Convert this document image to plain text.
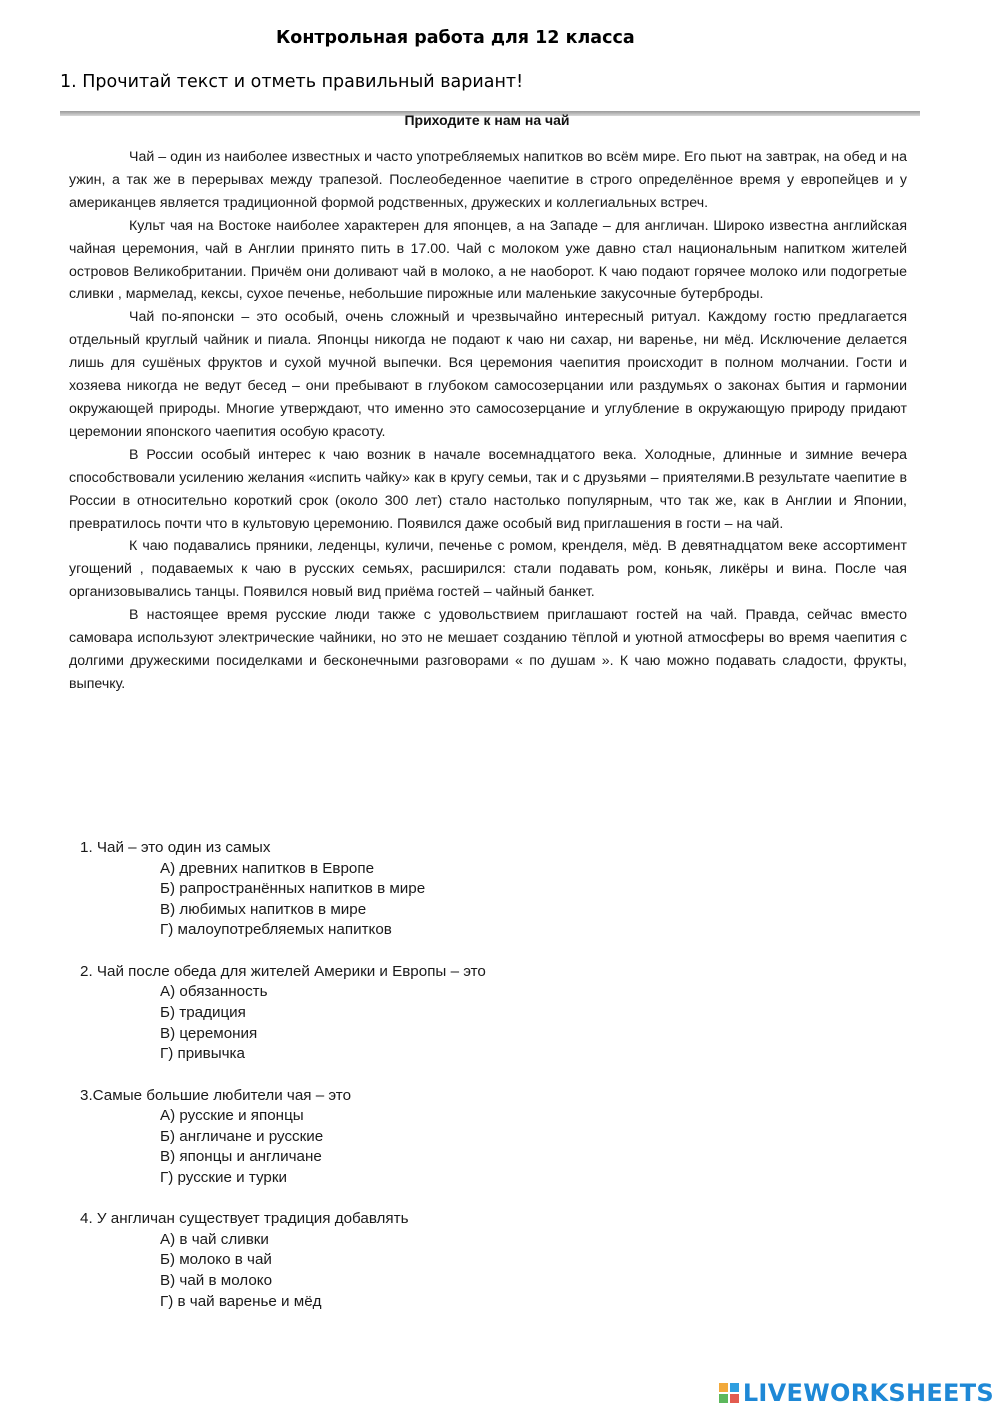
Контрольная работа для 12 класса
1. Прочитай текст и отметь правильный вариант!
Приходите к нам на чай

Чай – один из наиболее известных и часто употребляемых напитков во всём мире. Его пьют на завтрак, на обед и на ужин, а так же в перерывах между трапезой. Послеобеденное чаепитие в строго определённое время у европейцев и у американцев является традиционной формой родственных, дружеских и коллегиальных встреч.

Культ чая на Востоке наиболее характерен для японцев, а на Западе – для англичан. Широко известна английская чайная церемония, чай в Англии принято пить в 17.00. Чай с молоком уже давно стал национальным напитком жителей островов Великобритании. Причём они доливают чай в молоко, а не наоборот. К чаю подают горячее молоко или подогретые сливки , мармелад, кексы, сухое печенье, небольшие пирожные или маленькие закусочные бутерброды.

Чай по-японски – это особый, очень сложный и чрезвычайно интересный ритуал. Каждому гостю предлагается отдельный круглый чайник и пиала. Японцы никогда не подают к чаю ни сахар, ни варенье, ни мёд. Исключение делается лишь для сушёных фруктов и сухой мучной выпечки. Вся церемония чаепития происходит в полном молчании. Гости и хозяева никогда не ведут бесед – они пребывают в глубоком самосозерцании или раздумьях о законах бытия и гармонии окружающей природы. Многие утверждают, что именно это самосозерцание и углубление в окружающую природу придают церемонии японского чаепития особую красоту.

В России особый интерес к чаю возник в начале восемнадцатого века. Холодные, длинные и зимние вечера способствовали усилению желания «испить чайку» как в кругу семьи, так и с друзьями – приятелями.В результате чаепитие в России в относительно короткий срок (около 300 лет) стало настолько популярным, что так же, как в Англии и Японии, превратилось почти что в культовую церемонию. Появился даже особый вид приглашения в гости – на чай.

К чаю подавались пряники, леденцы, куличи, печенье с ромом, кренделя, мёд. В девятнадцатом веке ассортимент угощений , подаваемых к чаю в русских семьях, расширился: стали подавать ром, коньяк, ликёры и вина. После чая организовывались танцы. Появился новый вид приёма гостей – чайный банкет.

В настоящее время русские люди также с удовольствием приглашают гостей на чай. Правда, сейчас вместо самовара используют электрические чайники, но это не мешает созданию тёплой и уютной атмосферы во время чаепития с долгими дружескими посиделками и бесконечными разговорами « по душам ». К чаю можно подавать сладости, фрукты, выпечку.

1. Чай – это один из самых
А) древних напитков в Европе
Б) рапространённых напитков в мире
В) любимых напитков в мире
Г) малоупотребляемых напитков
2. Чай после обеда для жителей Америки и Европы – это
А) обязанность
Б) традиция
В) церемония
Г) привычка
3.Самые большие любители чая – это
А) русские и японцы
Б) англичане и русские
В) японцы и англичане
Г) русские и турки
4. У англичан существует традиция добавлять
А) в чай сливки
Б) молоко в чай
В) чай в молоко
Г) в чай варенье и мёд
LIVEWORKSHEETS
